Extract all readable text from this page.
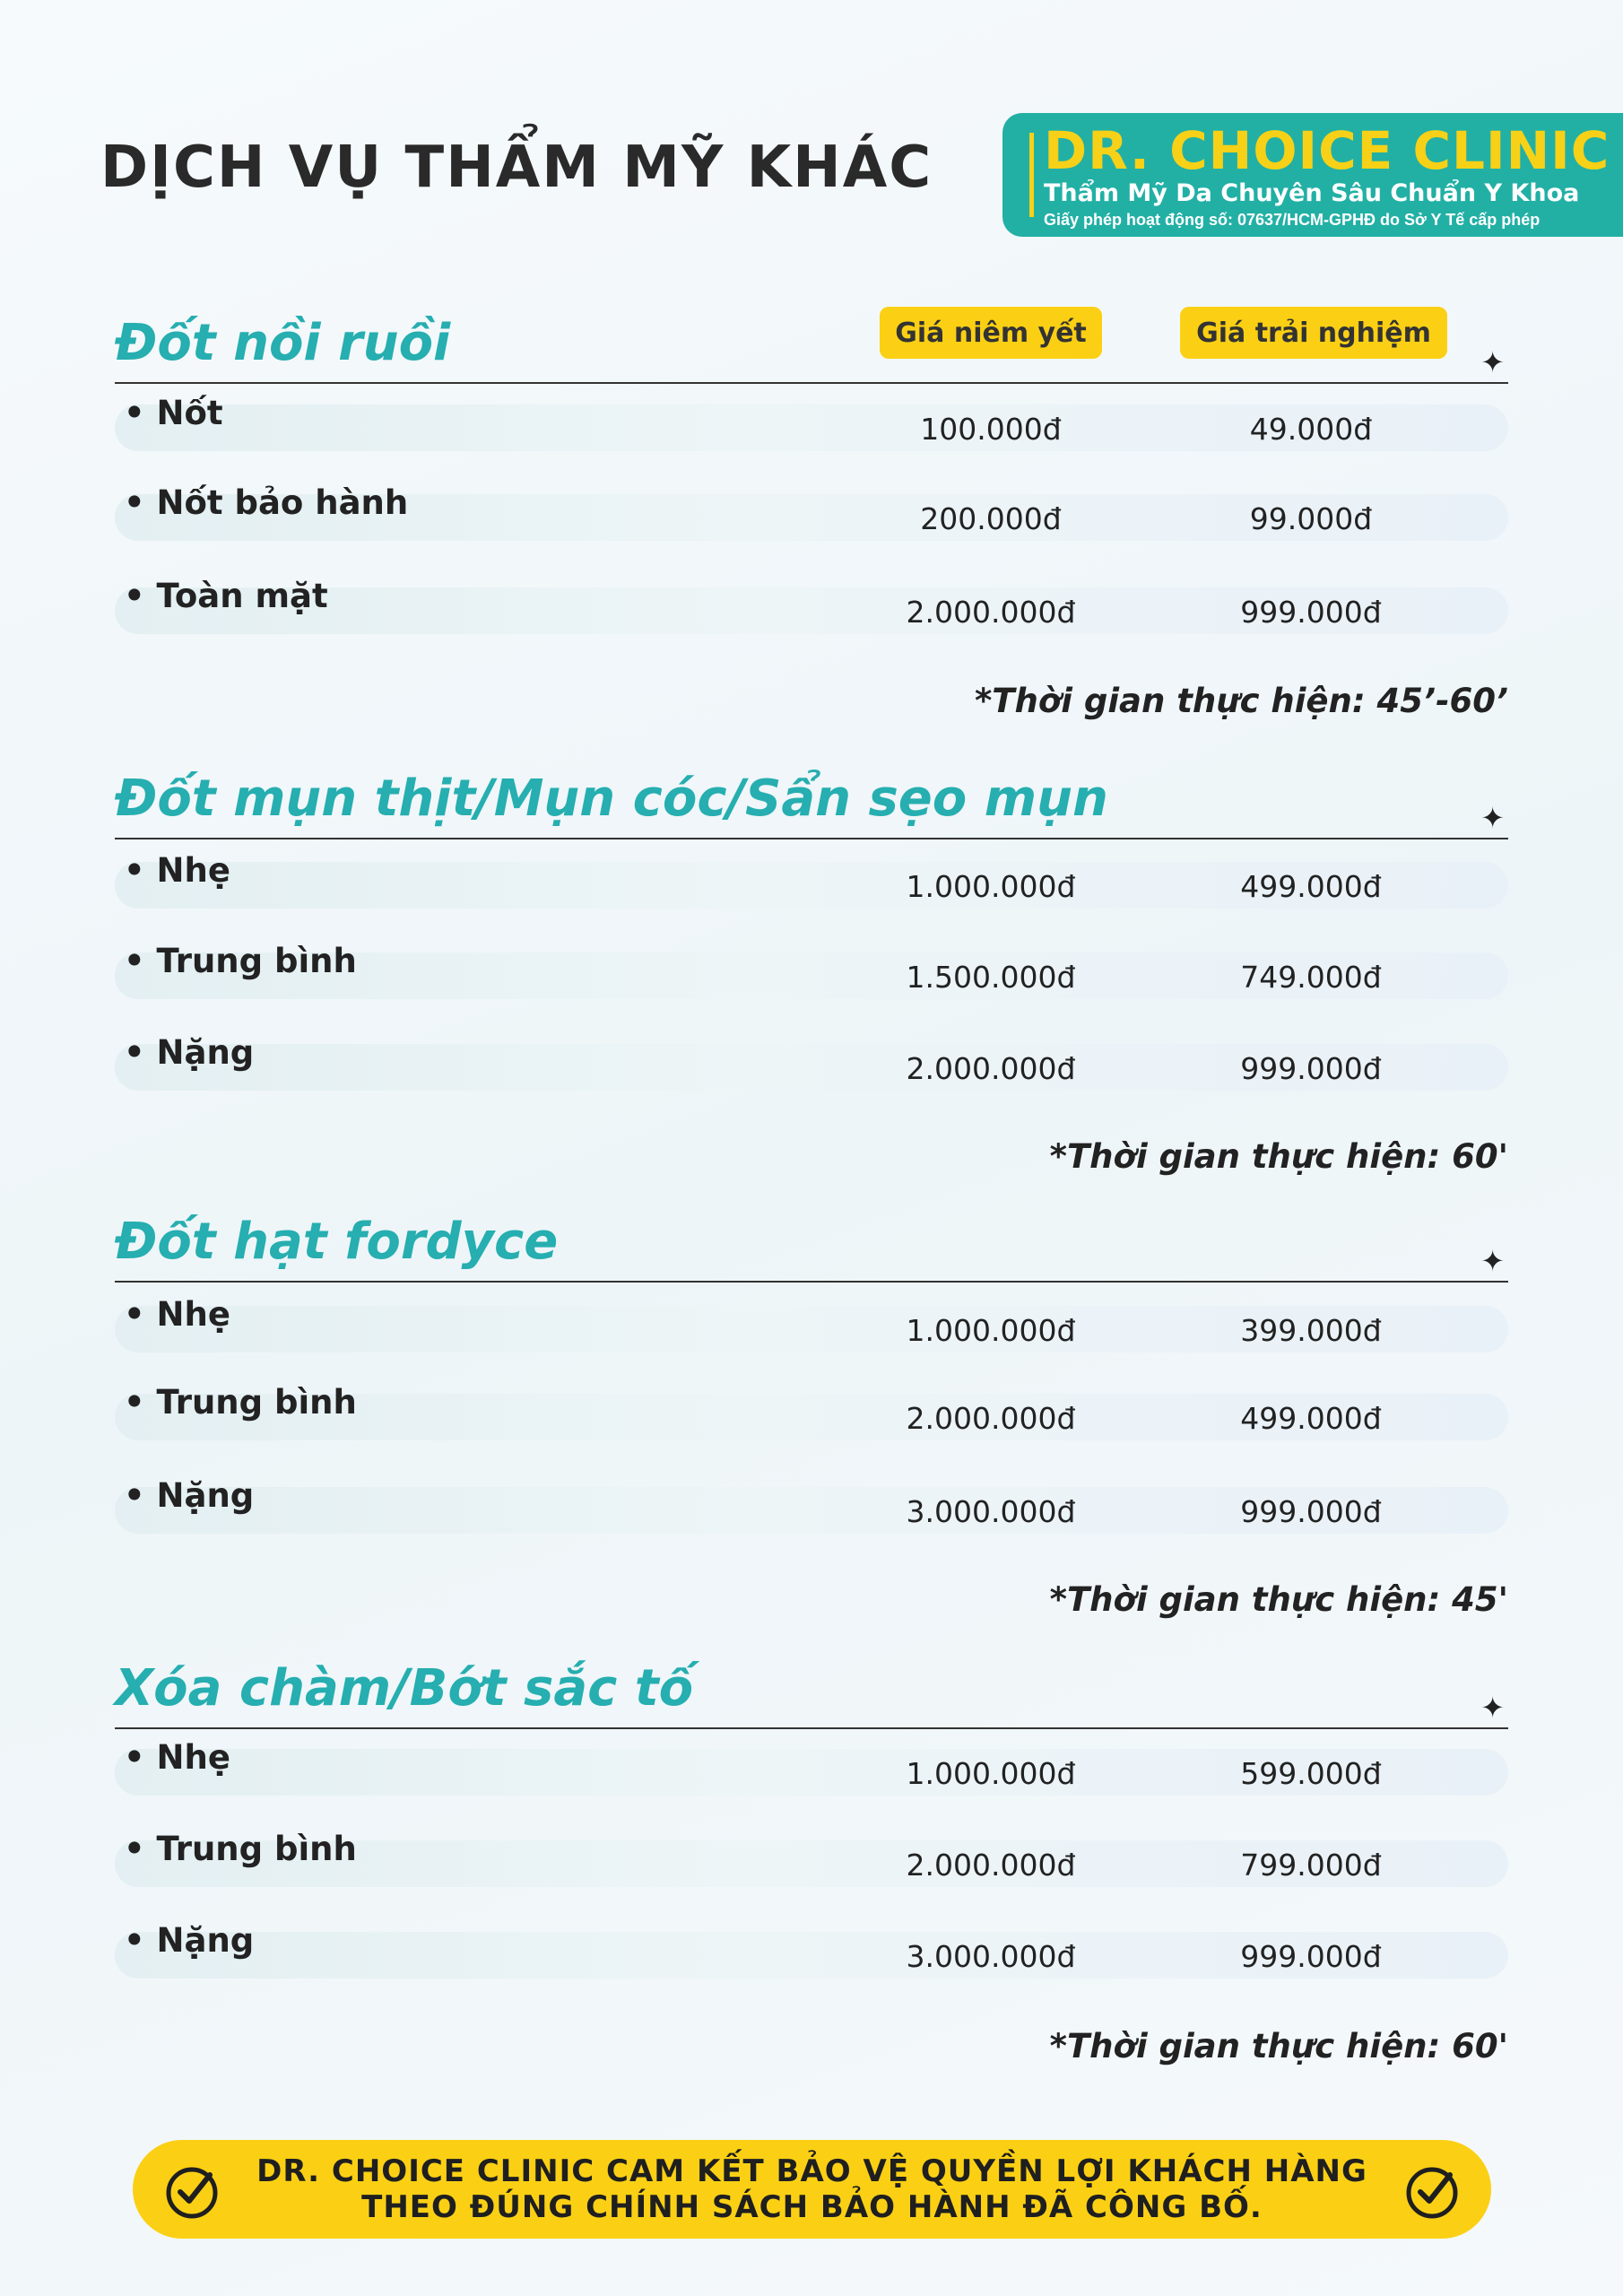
DỊCH VỤ THẨM MỸ KHÁC DR. CHOICE CLINIC
Thẩm Mỹ Da Chuyên Sâu Chuẩn Y Khoa
Giấy phép hoạt động số: 07637/HCM-GPHĐ do Sở Y Tế cấp phép
Giá niêm yết	Giá trải nghiệm
Đốt nồi ruồi	✦
• Nốt	100.000đ	49.000đ
• Nốt bảo hành	200.000đ	99.000đ
• Toàn mặt	2.000.000đ	999.000đ
*Thời gian thực hiện: 45’-60’
Đốt mụn thịt/Mụn cóc/Sẩn sẹo mụn	✦
• Nhẹ	1.000.000đ	499.000đ
• Trung bình	1.500.000đ	749.000đ
• Nặng	2.000.000đ	999.000đ
*Thời gian thực hiện: 60'
Đốt hạt fordyce	✦
• Nhẹ	1.000.000đ	399.000đ
• Trung bình	2.000.000đ	499.000đ
• Nặng	3.000.000đ	999.000đ
*Thời gian thực hiện: 45'
Xóa chàm/Bớt sắc tố	✦
• Nhẹ	1.000.000đ	599.000đ
• Trung bình	2.000.000đ	799.000đ
• Nặng	3.000.000đ	999.000đ
*Thời gian thực hiện: 60'
DR. CHOICE CLINIC CAM KẾT BẢO VỆ QUYỀN LỢI KHÁCH HÀNG
THEO ĐÚNG CHÍNH SÁCH BẢO HÀNH ĐÃ CÔNG BỐ.
